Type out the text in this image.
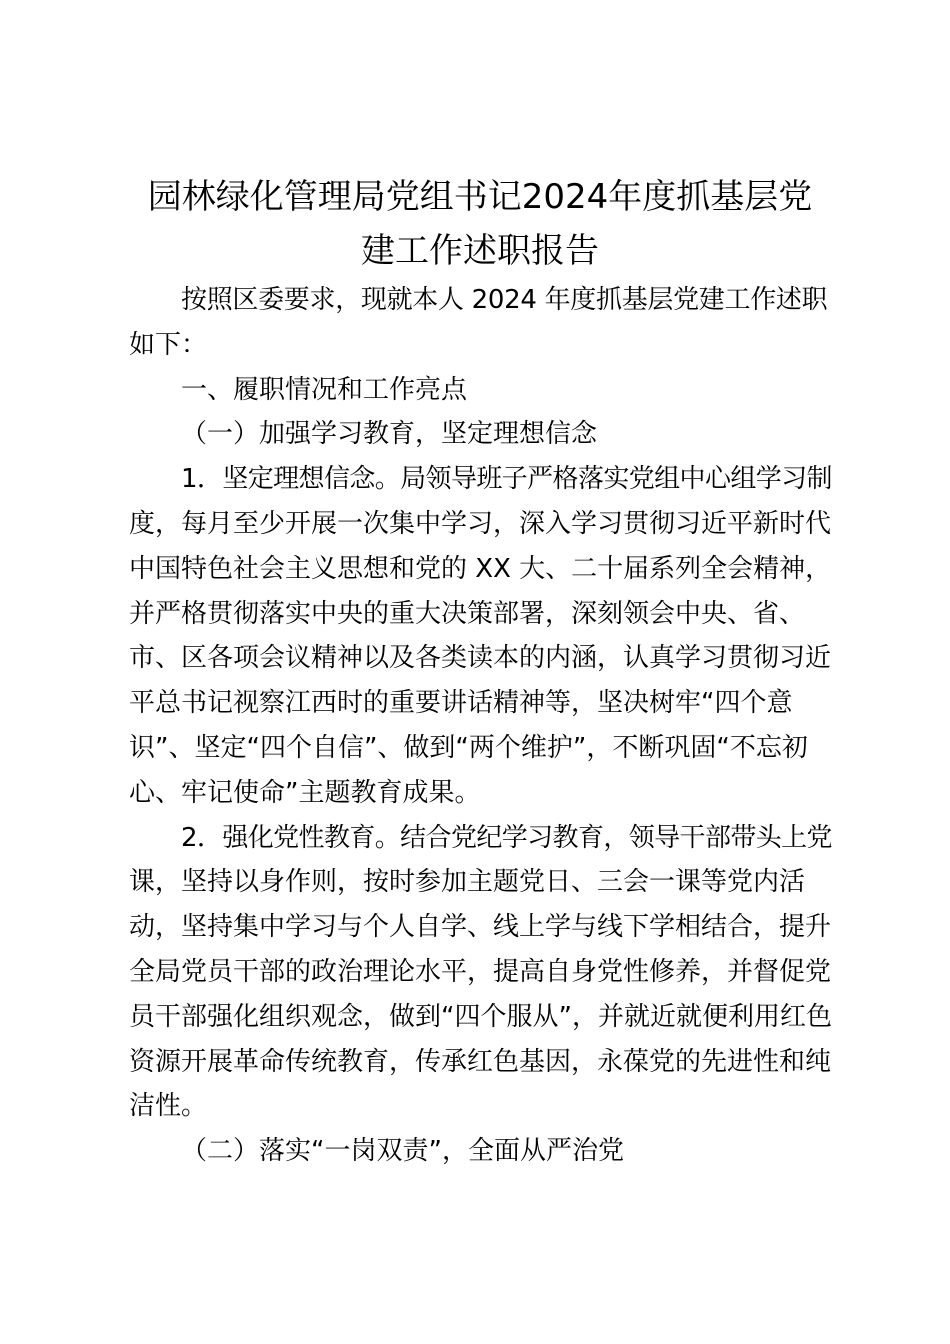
园林绿化管理局党组书记2024年度抓基层党
建工作述职报告
按照区委要求，现就本人 2024 年度抓基层党建工作述职
如下：
一、履职情况和工作亮点
（一）加强学习教育，坚定理想信念
1．坚定理想信念。局领导班子严格落实党组中心组学习制
度，每月至少开展一次集中学习，深入学习贯彻习近平新时代
中国特色社会主义思想和党的 XX 大、二十届系列全会精神，
并严格贯彻落实中央的重大决策部署，深刻领会中央、省、
市、区各项会议精神以及各类读本的内涵，认真学习贯彻习近
平总书记视察江西时的重要讲话精神等，坚决树牢“四个意
识”、坚定“四个自信”、做到“两个维护”，不断巩固“不忘初
心、牢记使命”主题教育成果。
2．强化党性教育。结合党纪学习教育，领导干部带头上党
课，坚持以身作则，按时参加主题党日、三会一课等党内活
动，坚持集中学习与个人自学、线上学与线下学相结合，提升
全局党员干部的政治理论水平，提高自身党性修养，并督促党
员干部强化组织观念，做到“四个服从”，并就近就便利用红色
资源开展革命传统教育，传承红色基因，永葆党的先进性和纯
洁性。
（二）落实“一岗双责”，全面从严治党
